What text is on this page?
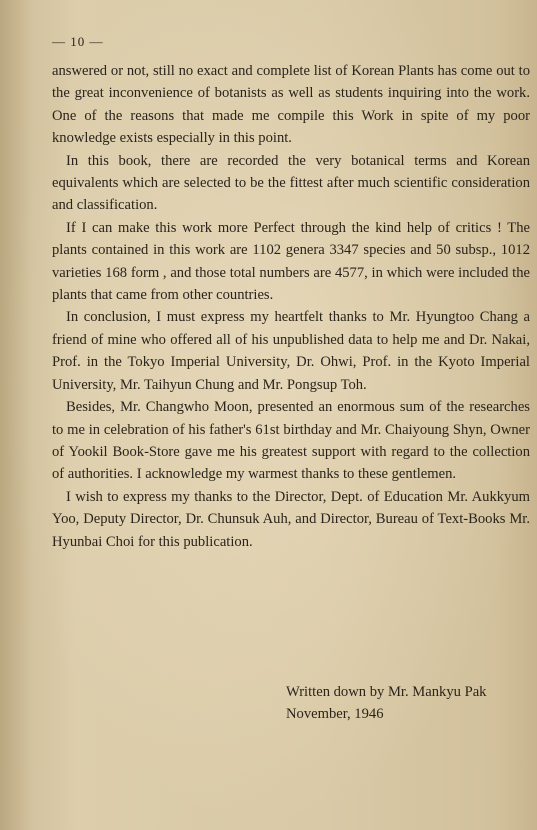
— 10 —

answered or not, still no exact and complete list of Korean Plants has come out to the great inconvenience of botanists as well as students inquiring into the work. One of the reasons that made me compile this Work in spite of my poor knowledge exists especially in this point.

In this book, there are recorded the very botanical terms and Korean equivalents which are selected to be the fittest after much scientific consideration and classification.

If I can make this work more Perfect through the kind help of critics ! The plants contained in this work are 1102 genera 3347 species and 50 subsp., 1012 varieties 168 form , and those total numbers are 4577, in which were included the plants that came from other countries.

In conclusion, I must express my heartfelt thanks to Mr. Hyungtoo Chang a friend of mine who offered all of his unpublished data to help me and Dr. Nakai, Prof. in the Tokyo Imperial University, Dr. Ohwi, Prof. in the Kyoto Imperial University, Mr. Taihyun Chung and Mr. Pongsup Toh.

Besides, Mr. Changwho Moon, presented an enormous sum of the researches to me in celebration of his father's 61st birthday and Mr. Chaiyoung Shyn, Owner of Yookil Book-Store gave me his greatest support with regard to the collection of authorities. I acknowledge my warmest thanks to these gentlemen.

I wish to express my thanks to the Director, Dept. of Education Mr. Aukkyum Yoo, Deputy Director, Dr. Chunsuk Auh, and Director, Bureau of Text-Books Mr. Hyunbai Choi for this publication.

Written down by Mr. Mankyu Pak
November, 1946
